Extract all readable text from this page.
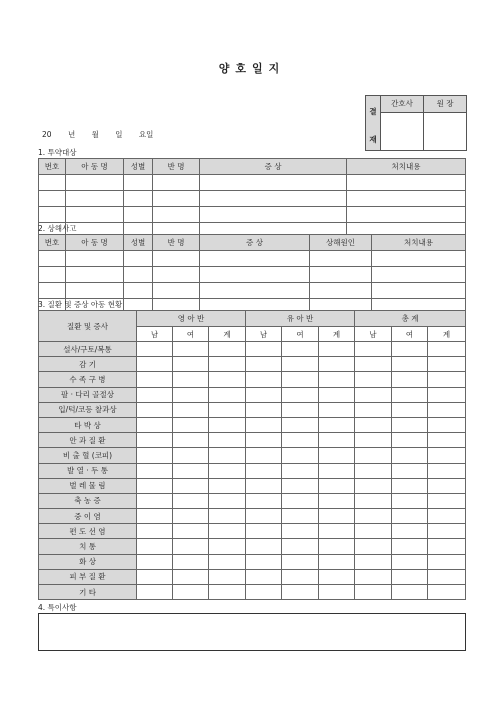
양호일지
결
재	간호사	원 장

20 년 월 일 요일
1. 투약대상
번호	아 동 명	성별	반 명	증 상	처치내용

2. 상해사고
번호	아 동 명	성별	반 명	증 상	상해원인	처치내용

3. 질환 및 증상 아동 현황
질환 및 증사	영 아 반			유 아 반			총 계		
	남	여	계	남	여	계	남	여	계
설사/구토/복통									
감 기									
수 족 구 병									
팔 · 다리 골절상									
입/턱/코등 찰과상									
타 박 상									
안 과 질 환									
비 출 혈 (코피)									
발 열 · 두 통									
벌 레 물 림									
축 농 증									
중 이 염									
편 도 선 염									
치 통									
화 상									
피 부 질 환									
기 타									
4. 특이사항
